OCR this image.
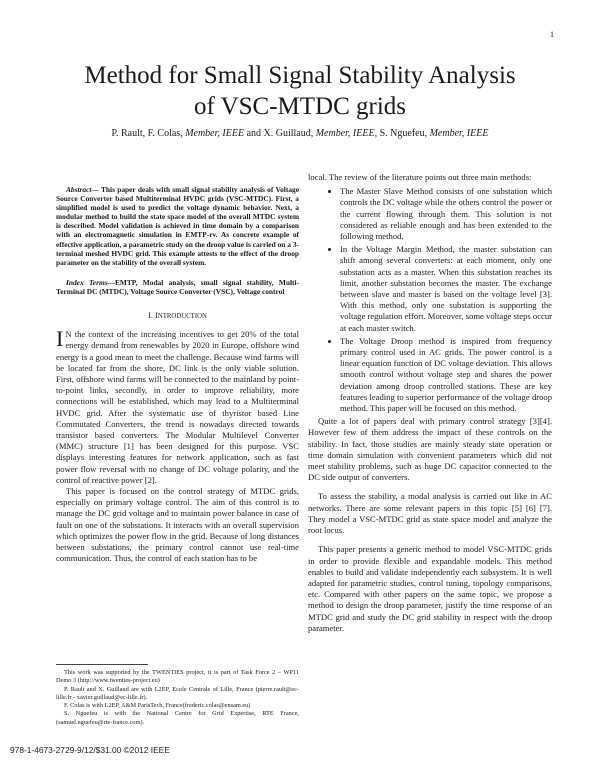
1
Method for Small Signal Stability Analysis
of VSC-MTDC grids
P. Rault, F. Colas, Member, IEEE and X. Guillaud, Member, IEEE, S. Nguefeu, Member, IEEE

Abstract— This paper deals with small signal stability analysis of Voltage Source Converter based Multiterminal HVDC grids (VSC-MTDC). First, a simplified model is used to predict the voltage dynamic behavior. Next, a modular method to build the state space model of the overall MTDC system is described. Model validation is achieved in time domain by a comparison with an electromagnetic simulation in EMTP-rv. As concrete example of effective application, a parametric study on the droop value is carried on a 3-terminal meshed HVDC grid. This example attests to the effect of the droop parameter on the stability of the overall system.

Index Terms—EMTP, Modal analysis, small signal stability, Multi-Terminal DC (MTDC), Voltage Source Converter (VSC), Voltage control

I. INTRODUCTION

I N the context of the increasing incentives to get 20% of the total energy demand from renewables by 2020 in Europe, offshore wind energy is a good mean to meet the challenge. Because wind farms will be located far from the shore, DC link is the only viable solution. First, offshore wind farms will be connected to the mainland by point-to-point links, secondly, in order to improve reliability, more connections will be established, which may lead to a Multiterminal HVDC grid. After the systematic use of thyristor based Line Commutated Converters, the trend is nowadays directed towards transistor based converters. The Modular Multilevel Converter (MMC) structure [1] has been designed for this purpose. VSC displays interesting features for network application, such as fast power flow reversal with no change of DC voltage polarity, and the control of reactive power [2].

This paper is focused on the control strategy of MTDC grids, especially on primary voltage control. The aim of this control is to manage the DC grid voltage and to maintain power balance in case of fault on one of the substations. It interacts with an overall supervision which optimizes the power flow in the grid. Because of long distances between substations, the primary control cannot use real-time communication. Thus, the control of each station has to be

This work was supported by the TWENTIES project, it is part of Task Force 2 – WP11 Demo 3 (http://www.twenties-project.eu)

P. Rault and X. Guillaud are with L2EP, Ecole Centrale of Lille, France (pierre.rault@ec-lille.fr - xavier.guillaud@ec-lille.fr).

F. Colas is with L2EP, A&M ParisTech, France(frederic.colas@ensam.eu)

S. Nguefeu is with the National Centre for Grid Expertise, RTE France, (samuel.nguefeu@rte-france.com).

local. The review of the literature points out three main methods:

• The Master Slave Method consists of one substation which controls the DC voltage while the others control the power or the current flowing through them. This solution is not considered as reliable enough and has been extended to the following method.
• In the Voltage Margin Method, the master substation can shift among several converters: at each moment, only one substation acts as a master. When this substation reaches its limit, another substation becomes the master. The exchange between slave and master is based on the voltage level [3]. With this method, only one substation is supporting the voltage regulation effort. Moreover, some voltage steps occur at each master switch.
• The Voltage Droop method is inspired from frequency primary control used in AC grids. The power control is a linear equation function of DC voltage deviation. This allows smooth control without voltage step and shares the power deviation among droop controlled stations. These are key features leading to superior performance of the voltage droop method. This paper will be focused on this method.

Quite a lot of papers deal with primary control strategy [3][4]. However few of them address the impact of these controls on the stability. In fact, those studies are mainly steady state operation or time domain simulation with convenient parameters which did not meet stability problems, such as huge DC capacitor connected to the DC side output of converters.

To assess the stability, a modal analysis is carried out like in AC networks. There are some relevant papers in this topic [5] [6] [7]. They model a VSC-MTDC grid as state space model and analyze the root locus.

This paper presents a generic method to model VSC-MTDC grids in order to provide flexible and expandable models. This method enables to build and validate independently each subsystem. It is well adapted for parametric studies, control tuning, topology comparisons, etc. Compared with other papers on the same topic, we propose a method to design the droop parameter, justify the time response of an MTDC grid and study the DC grid stability in respect with the droop parameter.

978-1-4673-2729-9/12/$31.00 ©2012 IEEE
